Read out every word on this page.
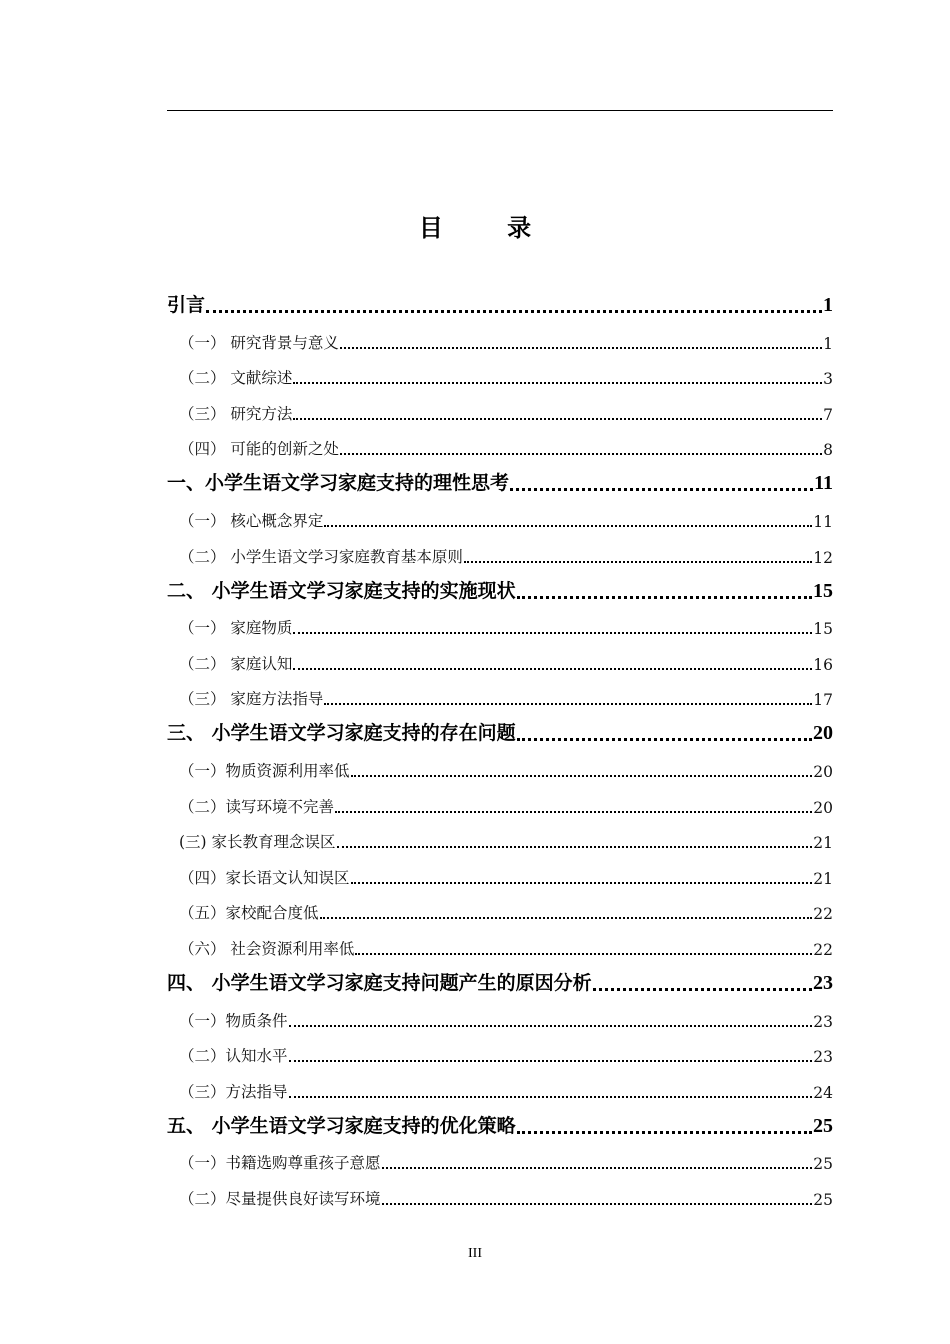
目 录
引言	1
（一） 研究背景与意义	1
（二） 文献综述	3
（三） 研究方法	7
（四） 可能的创新之处	8
一、小学生语文学习家庭支持的理性思考	11
（一） 核心概念界定	11
（二） 小学生语文学习家庭教育基本原则	12
二、 小学生语文学习家庭支持的实施现状	15
（一） 家庭物质	15
（二） 家庭认知	16
（三） 家庭方法指导	17
三、 小学生语文学习家庭支持的存在问题	20
（一）物质资源利用率低	20
（二）读写环境不完善	20
(三) 家长教育理念误区	21
（四）家长语文认知误区	21
（五）家校配合度低	22
（六） 社会资源利用率低	22
四、 小学生语文学习家庭支持问题产生的原因分析	23
（一）物质条件	23
（二）认知水平	23
（三）方法指导	24
五、 小学生语文学习家庭支持的优化策略	25
（一）书籍选购尊重孩子意愿	25
（二）尽量提供良好读写环境	25
III
